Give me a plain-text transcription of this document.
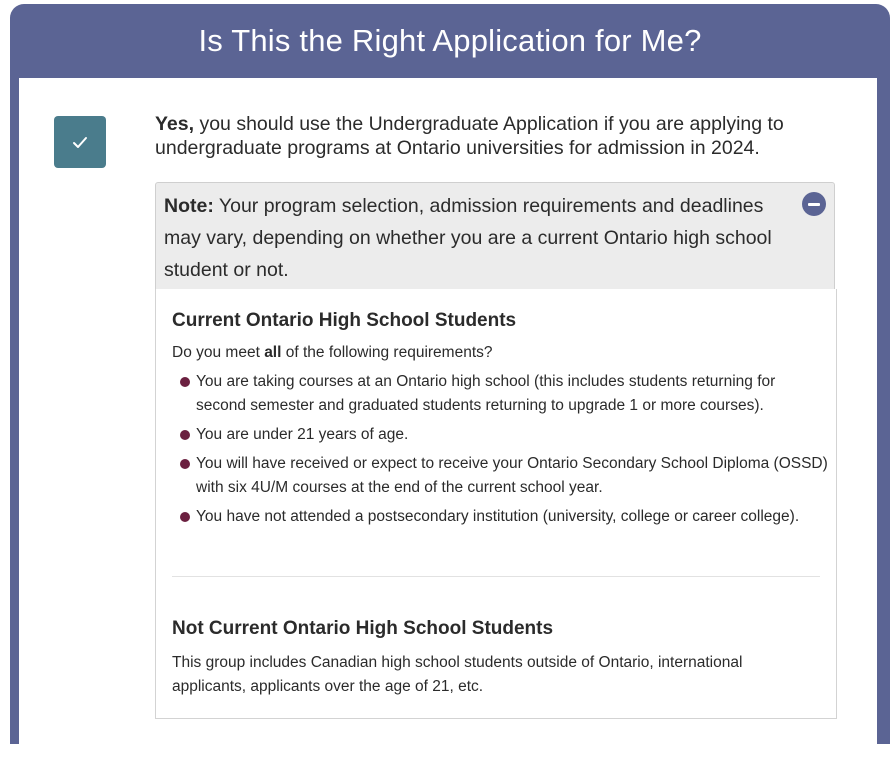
Is This the Right Application for Me?
Yes, you should use the Undergraduate Application if you are applying to undergraduate programs at Ontario universities for admission in 2024.
Note: Your program selection, admission requirements and deadlines may vary, depending on whether you are a current Ontario high school student or not.
Current Ontario High School Students
Do you meet all of the following requirements?
You are taking courses at an Ontario high school (this includes students returning for second semester and graduated students returning to upgrade 1 or more courses).
You are under 21 years of age.
You will have received or expect to receive your Ontario Secondary School Diploma (OSSD) with six 4U/M courses at the end of the current school year.
You have not attended a postsecondary institution (university, college or career college).
Not Current Ontario High School Students
This group includes Canadian high school students outside of Ontario, international applicants, applicants over the age of 21, etc.
